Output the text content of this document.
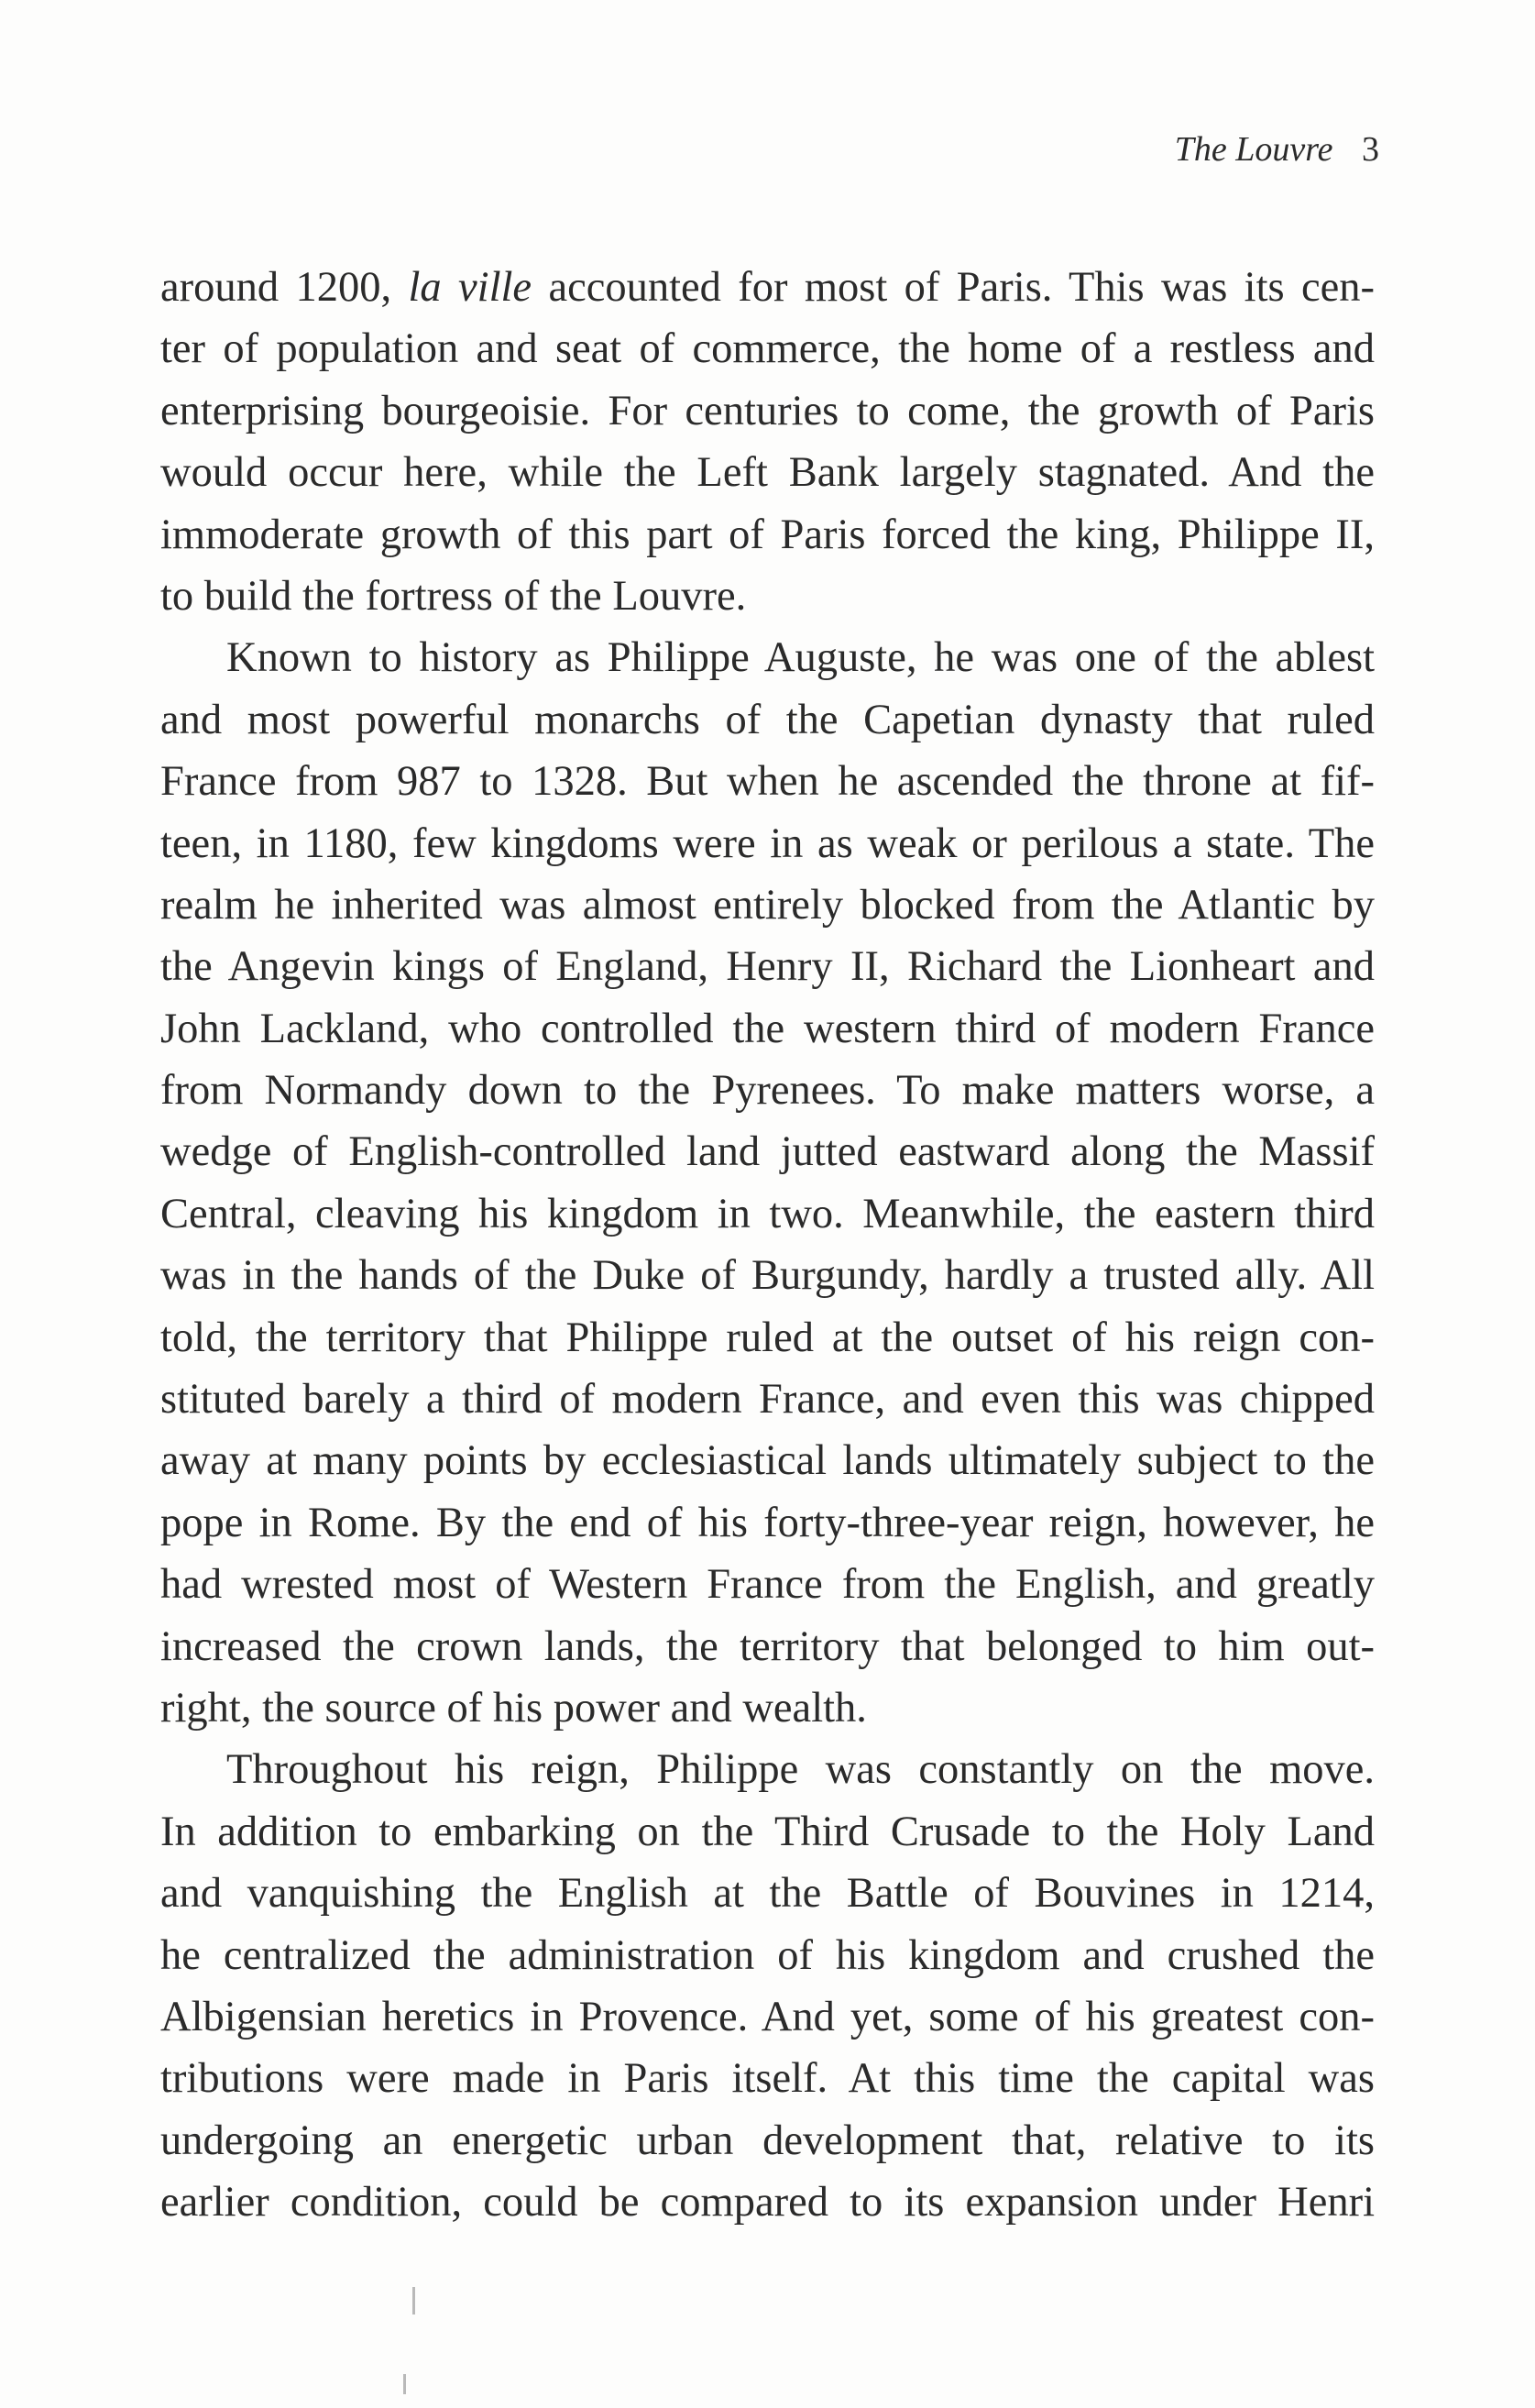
The Louvre 3
around 1200, la ville accounted for most of Paris. This was its cen-
ter of population and seat of commerce, the home of a restless and
enterprising bourgeoisie. For centuries to come, the growth of Paris
would occur here, while the Left Bank largely stagnated. And the
immoderate growth of this part of Paris forced the king, Philippe II,
to build the fortress of the Louvre.
Known to history as Philippe Auguste, he was one of the ablest
and most powerful monarchs of the Capetian dynasty that ruled
France from 987 to 1328. But when he ascended the throne at fif-
teen, in 1180, few kingdoms were in as weak or perilous a state. The
realm he inherited was almost entirely blocked from the Atlantic by
the Angevin kings of England, Henry II, Richard the Lionheart and
John Lackland, who controlled the western third of modern France
from Normandy down to the Pyrenees. To make matters worse, a
wedge of English-controlled land jutted eastward along the Massif
Central, cleaving his kingdom in two. Meanwhile, the eastern third
was in the hands of the Duke of Burgundy, hardly a trusted ally. All
told, the territory that Philippe ruled at the outset of his reign con-
stituted barely a third of modern France, and even this was chipped
away at many points by ecclesiastical lands ultimately subject to the
pope in Rome. By the end of his forty-three-year reign, however, he
had wrested most of Western France from the English, and greatly
increased the crown lands, the territory that belonged to him out-
right, the source of his power and wealth.
Throughout his reign, Philippe was constantly on the move.
In addition to embarking on the Third Crusade to the Holy Land
and vanquishing the English at the Battle of Bouvines in 1214,
he centralized the administration of his kingdom and crushed the
Albigensian heretics in Provence. And yet, some of his greatest con-
tributions were made in Paris itself. At this time the capital was
undergoing an energetic urban development that, relative to its
earlier condition, could be compared to its expansion under Henri
